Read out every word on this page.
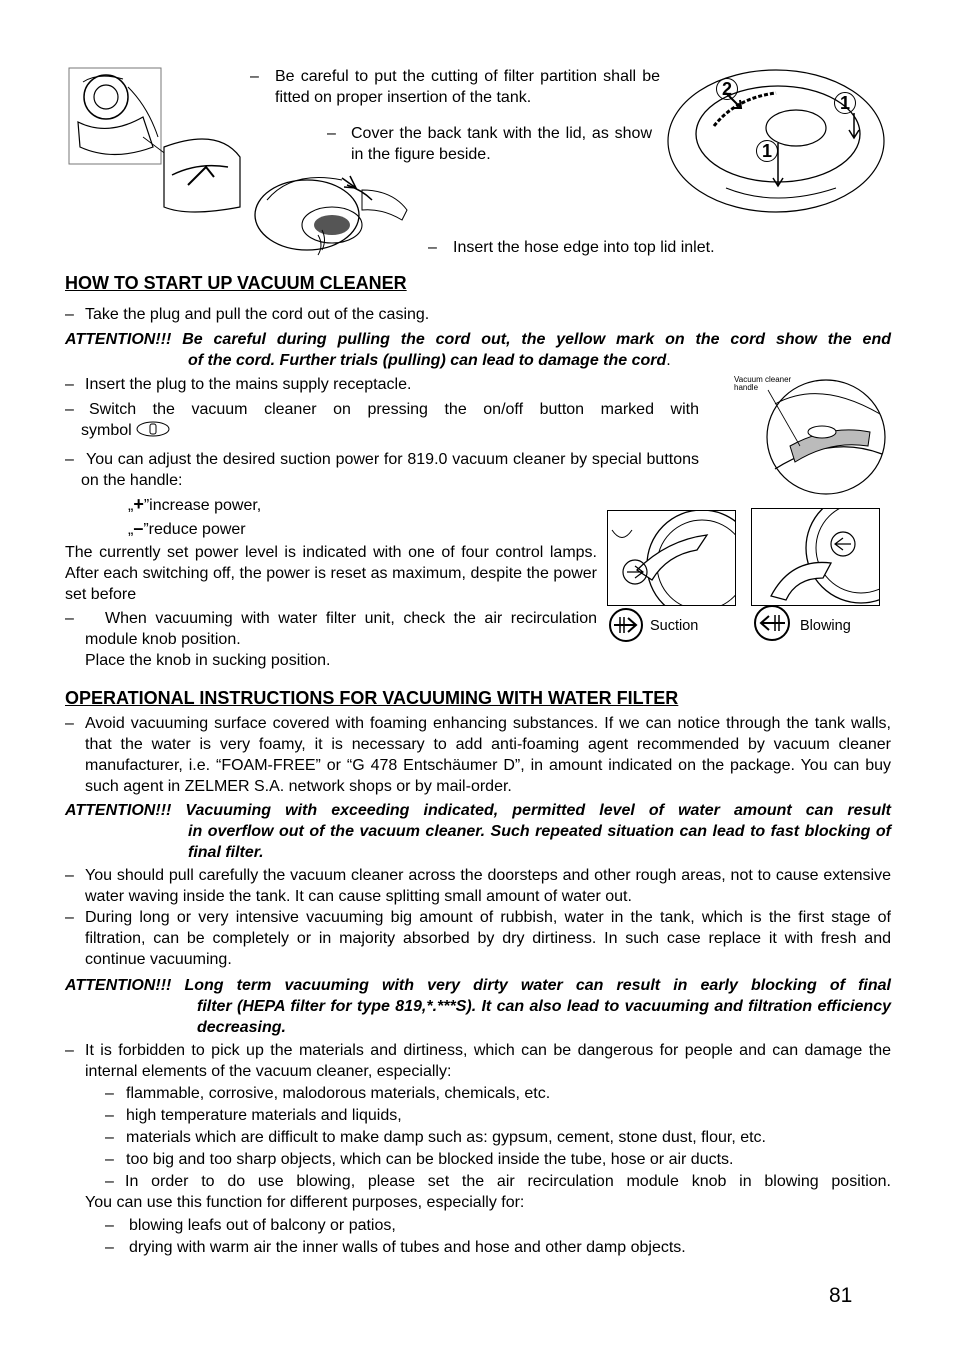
2
1
1
– Be careful to put the cutting of filter partition shall be fitted on proper insertion of the tank.
– Cover the back tank with the lid, as show in the figure beside.
– Insert the hose edge into top lid inlet.
HOW TO START UP VACUUM CLEANER
– Take the plug and pull the cord out of the casing.
ATTENTION!!! Be careful during pulling the cord out, the yellow mark on the cord show the end
of the cord. Further trials (pulling) can lead to damage the cord.
– Insert the plug to the mains supply receptacle.
– Switch the vacuum cleaner on pressing the on/off button marked with
symbol
– You can adjust the desired suction power for 819.0 vacuum cleaner by special buttons on the handle:
„+”increase power,
„–”reduce power
The currently set power level is indicated with one of four control lamps. After each switching off, the power is reset as maximum, despite the power set before
–	When vacuuming with water filter unit, check the air recirculation module knob position.
Place the knob in sucking position.
Vacuum cleaner
handle
Suction	Blowing
OPERATIONAL INSTRUCTIONS FOR VACUUMING WITH WATER FILTER
– Avoid vacuuming surface covered with foaming enhancing substances. If we can notice through the tank walls, that the water is very foamy, it is necessary to add anti-foaming agent recommended by vacuum cleaner manufacturer, i.e. “FOAM-FREE” or “G 478 Entschäumer D”, in amount indicated on the package. You can buy such agent in ZELMER S.A. network shops or by mail-order.
ATTENTION!!! Vacuuming with exceeding indicated, permitted level of water amount can result
in overflow out of the vacuum cleaner. Such repeated situation can lead to fast blocking of final filter.
– You should pull carefully the vacuum cleaner across the doorsteps and other rough areas, not to cause extensive water waving inside the tank. It can cause splitting small amount of water out.
– During long or very intensive vacuuming big amount of rubbish, water in the tank, which is the first stage of filtration, can be completely or in majority absorbed by dry dirtiness. In such case replace it with fresh and continue vacuuming.
ATTENTION!!! Long term vacuuming with very dirty water can result in early blocking of final
filter (HEPA filter for type 819,*.***S). It can also lead to vacuuming and filtration efficiency decreasing.
– It is forbidden to pick up the materials and dirtiness, which can be dangerous for people and can damage the internal elements of the vacuum cleaner, especially:
– flammable, corrosive, malodorous materials, chemicals, etc.
– high temperature materials and liquids,
– materials which are difficult to make damp such as: gypsum, cement, stone dust, flour, etc.
– too big and too sharp objects, which can be blocked inside the tube, hose or air ducts.
– In order to do use blowing, please set the air recirculation module knob in blowing position.
You can use this function for different purposes, especially for:
– blowing leafs out of balcony or patios,
– drying with warm air the inner walls of tubes and hose and other damp objects.
81
